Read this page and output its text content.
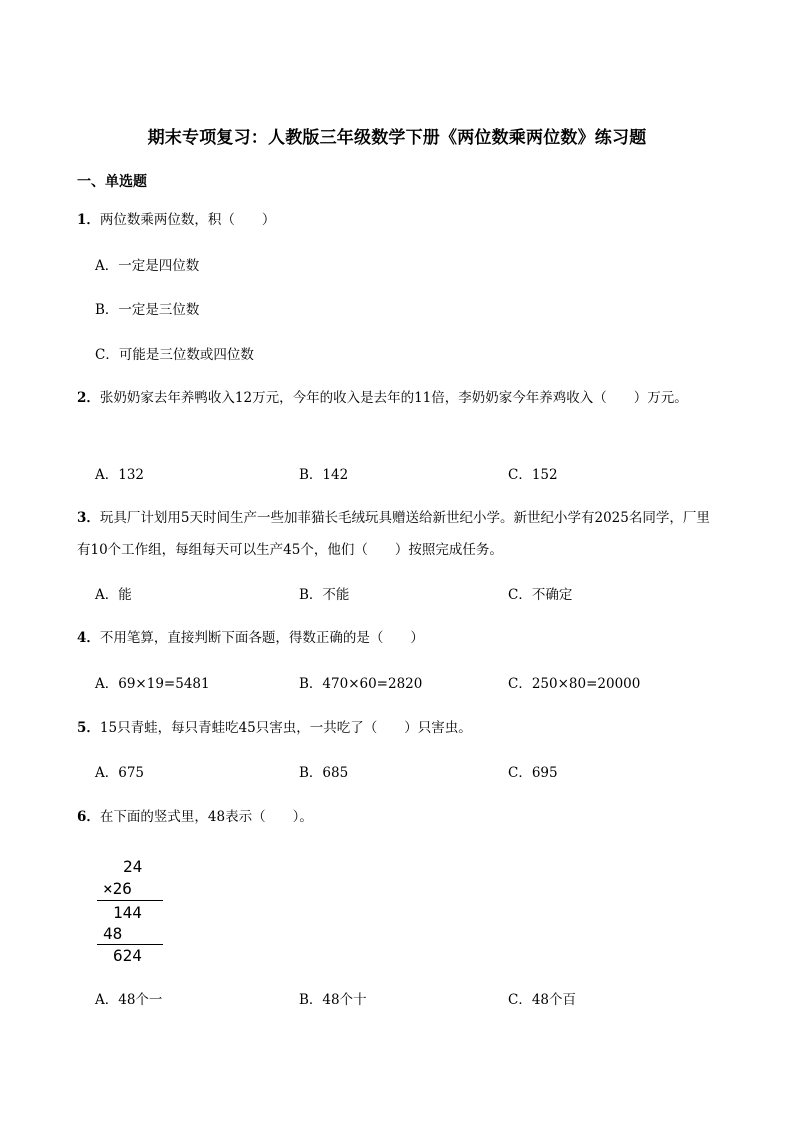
期末专项复习：人教版三年级数学下册《两位数乘两位数》练习题
一、单选题
1．两位数乘两位数，积（　　）
A．一定是四位数
B．一定是三位数
C．可能是三位数或四位数
2．张奶奶家去年养鸭收入12万元，今年的收入是去年的11倍，李奶奶家今年养鸡收入（　　）万元。
A．132	B．142	C．152
3．玩具厂计划用5天时间生产一些加菲猫长毛绒玩具赠送给新世纪小学。新世纪小学有2025名同学，厂里有10个工作组，每组每天可以生产45个，他们（　　）按照完成任务。
A．能	B．不能	C．不确定
4．不用笔算，直接判断下面各题，得数正确的是（　　）
A．69×19=5481	B．470×60=2820	C．250×80=20000
5．15只青蛙，每只青蛙吃45只害虫，一共吃了（　　）只害虫。
A．675	B．685	C．695
6．在下面的竖式里，48表示（　　）。
24
×26
144
48
624
A．48个一	B．48个十	C．48个百
